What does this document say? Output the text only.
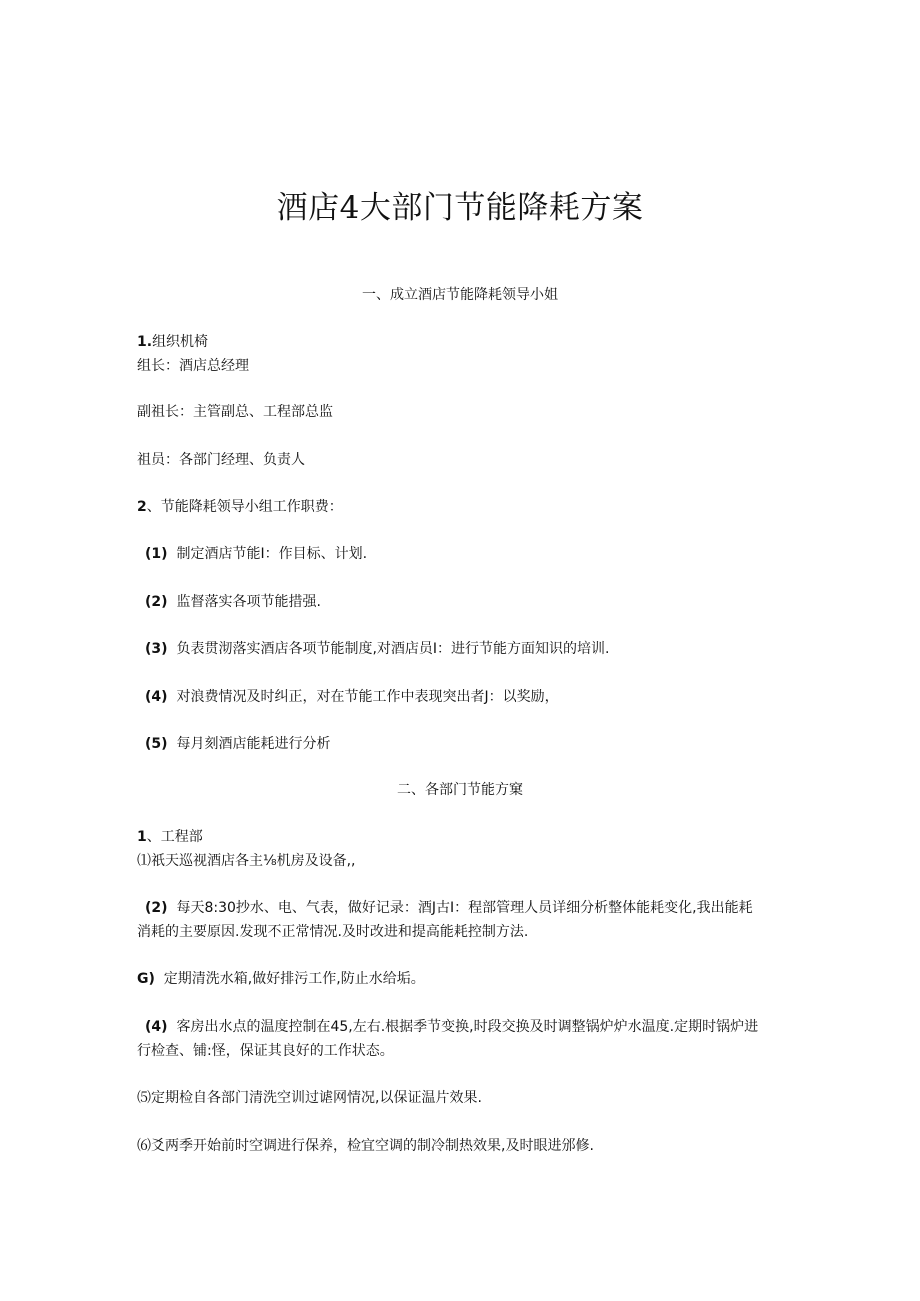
酒店4大部门节能降耗方案
一、成立酒店节能降耗领导小姐
1.组织机椅
组长：酒店总经理
副祖长：主管副总、工程部总监
祖员：各部门经理、负责人
2、节能降耗领导小组工作职费：
(1) 制定酒店节能I：作目标、计划.
(2) 监督落实各项节能措强.
(3) 负表贯沏落实酒店各项节能制度,对酒店员I：进行节能方面知识的培训.
(4) 对浪费情况及时纠正，对在节能工作中表现突出者J：以奖励，
(5) 每月刻酒店能耗进行分析
二、各部门节能方窠
1、工程部
⑴祇天巡视酒店各主⅛机房及设备,,
(2) 每天8:30抄水、电、气表，做好记录：酒J古I：程部管理人员详细分析整体能耗变化,我出能耗
消耗的主要原因.发现不正常情况.及时改进和提高能耗控制方法.
G) 定期清洗水箱,做好排污工作,防止水给垢。
(4) 客房出水点的温度控制在45,左右.根据季节变换,时段交换及时调整锅炉炉水温度.定期时锅炉进
行检查、铺:怪，保证其良好的工作状态。
⑸定期检自各部门清洗空训过谑网情况,以保证温片效果.
⑹爻两季开始前时空调进行保养，检宜空调的制冷制热效果,及时眼进邠修.
